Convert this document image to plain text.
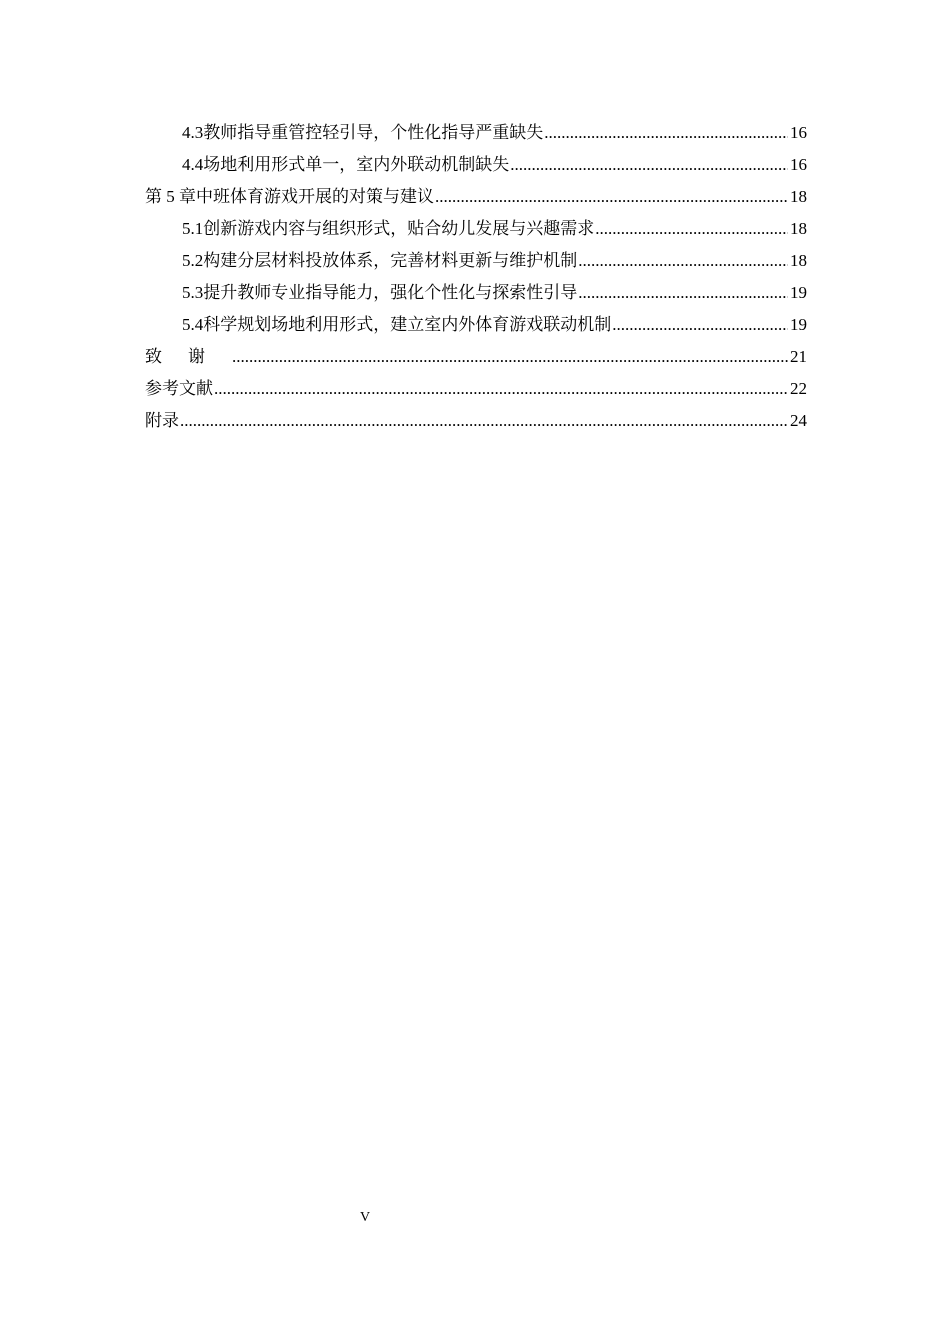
4.3 教师指导重管控轻引导，个性化指导严重缺失 .....	16
4.4 场地利用形式单一，室内外联动机制缺失 .....	16
第 5 章 中班体育游戏开展的对策与建议 .....	18
5.1 创新游戏内容与组织形式，贴合幼儿发展与兴趣需求 .....	18
5.2 构建分层材料投放体系，完善材料更新与维护机制 .....	18
5.3 提升教师专业指导能力，强化个性化与探索性引导 .....	19
5.4 科学规划场地利用形式，建立室内外体育游戏联动机制 .....	19
致谢 .....	21
参考文献 .....	22
附录 .....	24
V
